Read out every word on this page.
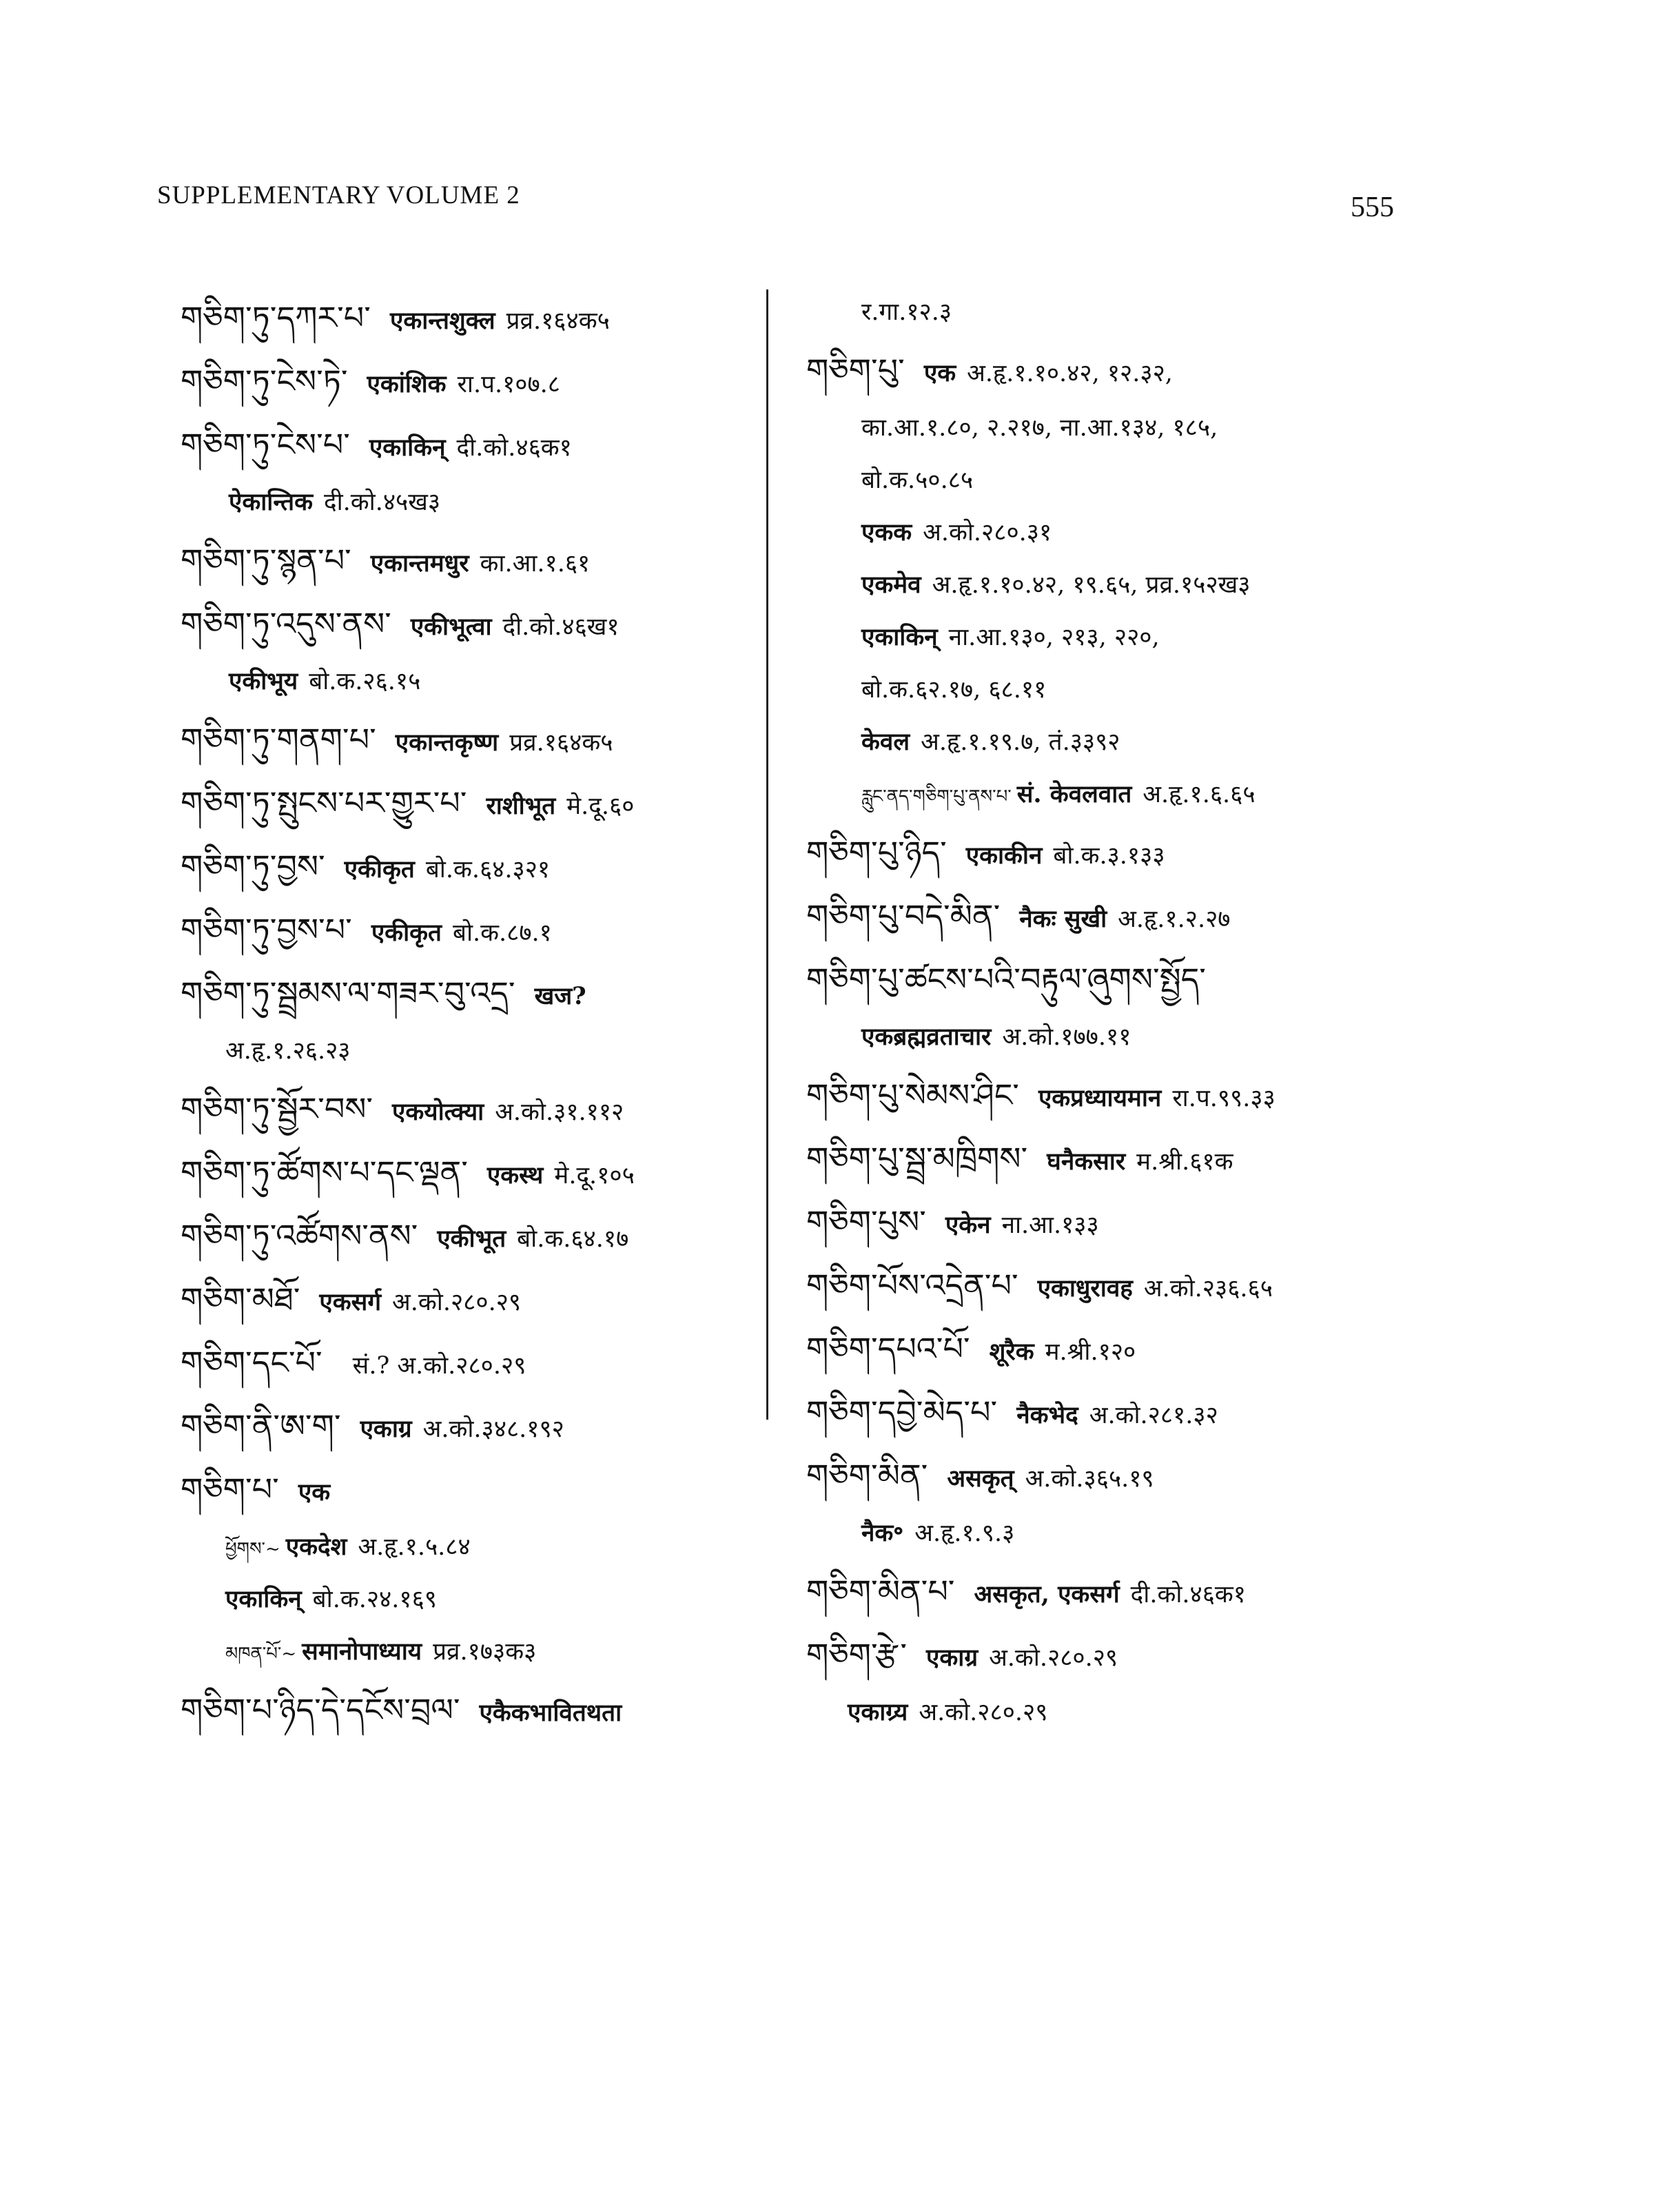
SUPPLEMENTARY VOLUME 2	555
གཅིག་ཏུ་དཀར་པ་ एकान्तशुक्ल प्रव्र.१६४क५
གཅིག་ཏུ་ངེས་ཏེ་ एकांशिक रा.प.१०७.८
གཅིག་ཏུ་ངེས་པ་ एकाकिन् दी.को.४६क१
ऐकान्तिक दी.को.४५ख३
གཅིག་ཏུ་སྙན་པ་ एकान्तमधुर का.आ.१.६१
གཅིག་ཏུ་འདུས་ནས་ एकीभूत्वा दी.को.४६ख१
एकीभूय बो.क.२६.१५
གཅིག་ཏུ་གནག་པ་ एकान्तकृष्ण प्रव्र.१६४क५
གཅིག་ཏུ་སྤུངས་པར་གྱུར་པ་ राशीभूत मे.दू.६०
གཅིག་ཏུ་བྱས་ एकीकृत बो.क.६४.३२१
གཅིག་ཏུ་བྱས་པ་ एकीकृत बो.क.८७.१
གཅིག་ཏུ་སྦྲམས་ལ་གཟར་བུ་འདྲ་ खज?
अ.हृ.१.२६.२३
གཅིག་ཏུ་སྦྱོར་བས་ एकयोत्क्या अ.को.३१.११२
གཅིག་ཏུ་ཚོགས་པ་དང་ལྡན་ एकस्थ मे.दू.१०५
གཅིག་ཏུ་འཚོགས་ནས་ एकीभूत बो.क.६४.१७
གཅིག་མཐོ་ एकसर्ग अ.को.२८०.२९
གཅིག་དང་པོ་ सं.? अ.को.२८०.२९
གཅིག་ནི་ཨ་ག་ एकाग्र अ.को.३४८.१९२
གཅིག་པ་ एक
ཕྱོགས་~ एकदेश अ.हृ.१.५.८४
एकाकिन् बो.क.२४.१६९
མཁན་པོ་~ समानोपाध्याय प्रव्र.१७३क३
གཅིག་པ་ཉིད་དེ་དངོས་བྲལ་ एकैकभावितथता
र.गा.१२.३
གཅིག་པུ་ एक अ.हृ.१.१०.४२, १२.३२,
का.आ.१.८०, २.२१७, ना.आ.१३४, १८५,
बो.क.५०.८५
एकक अ.को.२८०.३१
एकमेव अ.हृ.१.१०.४२, १९.६५, प्रव्र.१५२ख३
एकाकिन् ना.आ.१३०, २१३, २२०,
बो.क.६२.१७, ६८.११
केवल अ.हृ.१.१९.७, तं.३३९२
རླུང་ནད་གཅིག་པུ་ནས་པ་ सं. केवलवात अ.हृ.१.६.६५
གཅིག་པུ་ཉིད་ एकाकीन बो.क.३.१३३
གཅིག་པུ་བདེ་མིན་ नैकः सुखी अ.हृ.१.२.२७
གཅིག་པུ་ཚངས་པའི་བརྟུལ་ཞུགས་སྤྱོད་
एकब्रह्मव्रताचार अ.को.१७७.११
གཅིག་པུ་སེམས་ཤིང་ एकप्रध्यायमान रा.प.९९.३३
གཅིག་པུ་སྦྲ་མཁྲིགས་ घनैकसार म.श्री.६१क
གཅིག་པུས་ एकेन ना.आ.१३३
གཅིག་པོས་འདྲེན་པ་ एकाधुरावह अ.को.२३६.६५
གཅིག་དཔའ་པོ་ शूरैक म.श्री.१२०
གཅིག་དབྱེ་མེད་པ་ नैकभेद अ.को.२८१.३२
གཅིག་མིན་ असकृत् अ.को.३६५.१९
नैक॰ अ.हृ.१.९.३
གཅིག་མིན་པ་ असकृत, एकसर्ग दी.को.४६क१
གཅིག་རྩེ་ एकाग्र अ.को.२८०.२९
एकाग्र्य अ.को.२८०.२९
